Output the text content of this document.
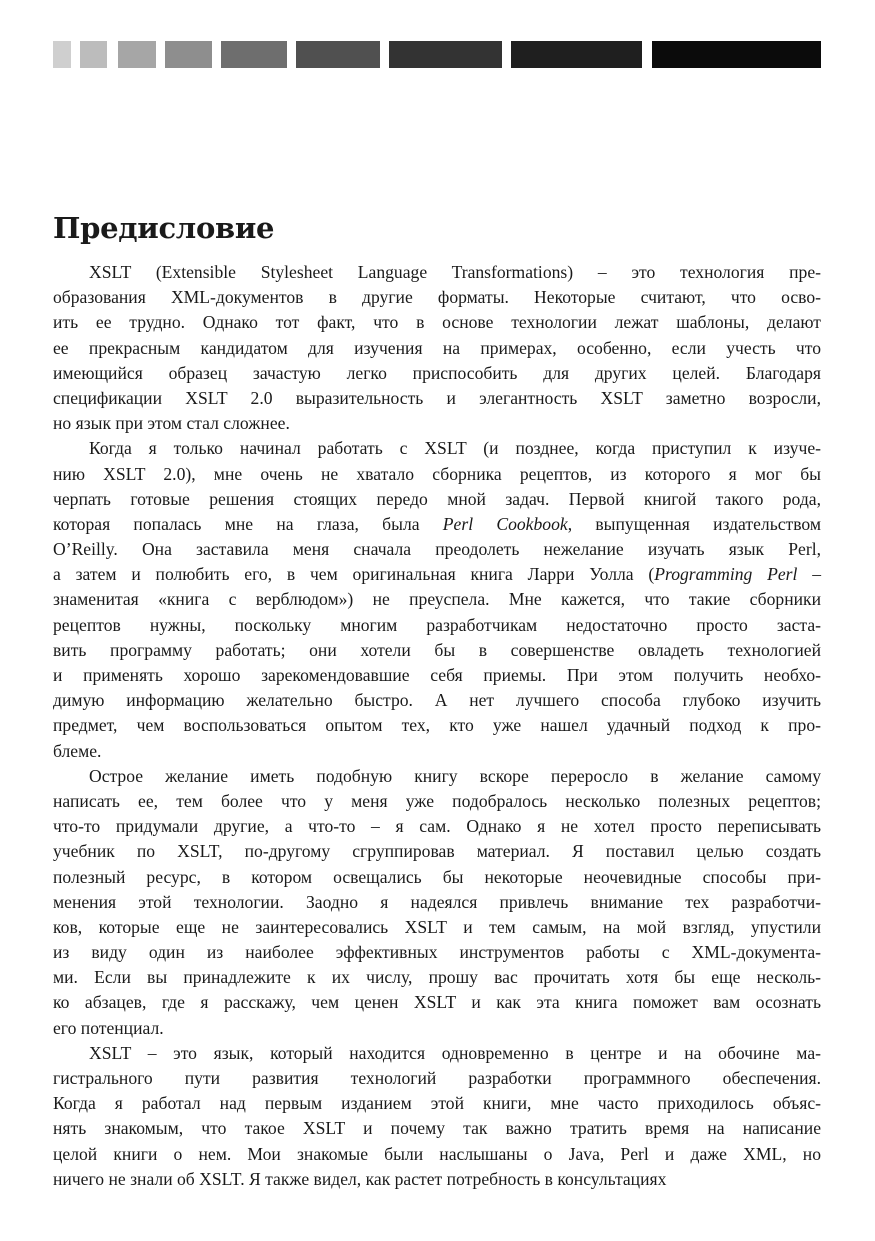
Предисловие
XSLT (Extensible Stylesheet Language Transformations) – это технология пре-
образования XML-документов в другие форматы. Некоторые считают, что осво-
ить ее трудно. Однако тот факт, что в основе технологии лежат шаблоны, делают
ее прекрасным кандидатом для изучения на примерах, особенно, если учесть что
имеющийся образец зачастую легко приспособить для других целей. Благодаря
спецификации XSLT 2.0 выразительность и элегантность XSLT заметно возросли,
но язык при этом стал сложнее.
Когда я только начинал работать с XSLT (и позднее, когда приступил к изуче-
нию XSLT 2.0), мне очень не хватало сборника рецептов, из которого я мог бы
черпать готовые решения стоящих передо мной задач. Первой книгой такого рода,
которая попалась мне на глаза, была Perl Cookbook, выпущенная издательством
O’Reilly. Она заставила меня сначала преодолеть нежелание изучать язык Perl,
а затем и полюбить его, в чем оригинальная книга Ларри Уолла (Programming Perl –
знаменитая «книга с верблюдом») не преуспела. Мне кажется, что такие сборники
рецептов нужны, поскольку многим разработчикам недостаточно просто заста-
вить программу работать; они хотели бы в совершенстве овладеть технологией
и применять хорошо зарекомендовавшие себя приемы. При этом получить необхо-
димую информацию желательно быстро. А нет лучшего способа глубоко изучить
предмет, чем воспользоваться опытом тех, кто уже нашел удачный подход к про-
блеме.
Острое желание иметь подобную книгу вскоре переросло в желание самому
написать ее, тем более что у меня уже подобралось несколько полезных рецептов;
что-то придумали другие, а что-то – я сам. Однако я не хотел просто переписывать
учебник по XSLT, по-другому сгруппировав материал. Я поставил целью создать
полезный ресурс, в котором освещались бы некоторые неочевидные способы при-
менения этой технологии. Заодно я надеялся привлечь внимание тех разработчи-
ков, которые еще не заинтересовались XSLT и тем самым, на мой взгляд, упустили
из виду один из наиболее эффективных инструментов работы с XML-документа-
ми. Если вы принадлежите к их числу, прошу вас прочитать хотя бы еще несколь-
ко абзацев, где я расскажу, чем ценен XSLT и как эта книга поможет вам осознать
его потенциал.
XSLT – это язык, который находится одновременно в центре и на обочине ма-
гистрального пути развития технологий разработки программного обеспечения.
Когда я работал над первым изданием этой книги, мне часто приходилось объяс-
нять знакомым, что такое XSLT и почему так важно тратить время на написание
целой книги о нем. Мои знакомые были наслышаны о Java, Perl и даже XML, но
ничего не знали об XSLT. Я также видел, как растет потребность в консультациях
